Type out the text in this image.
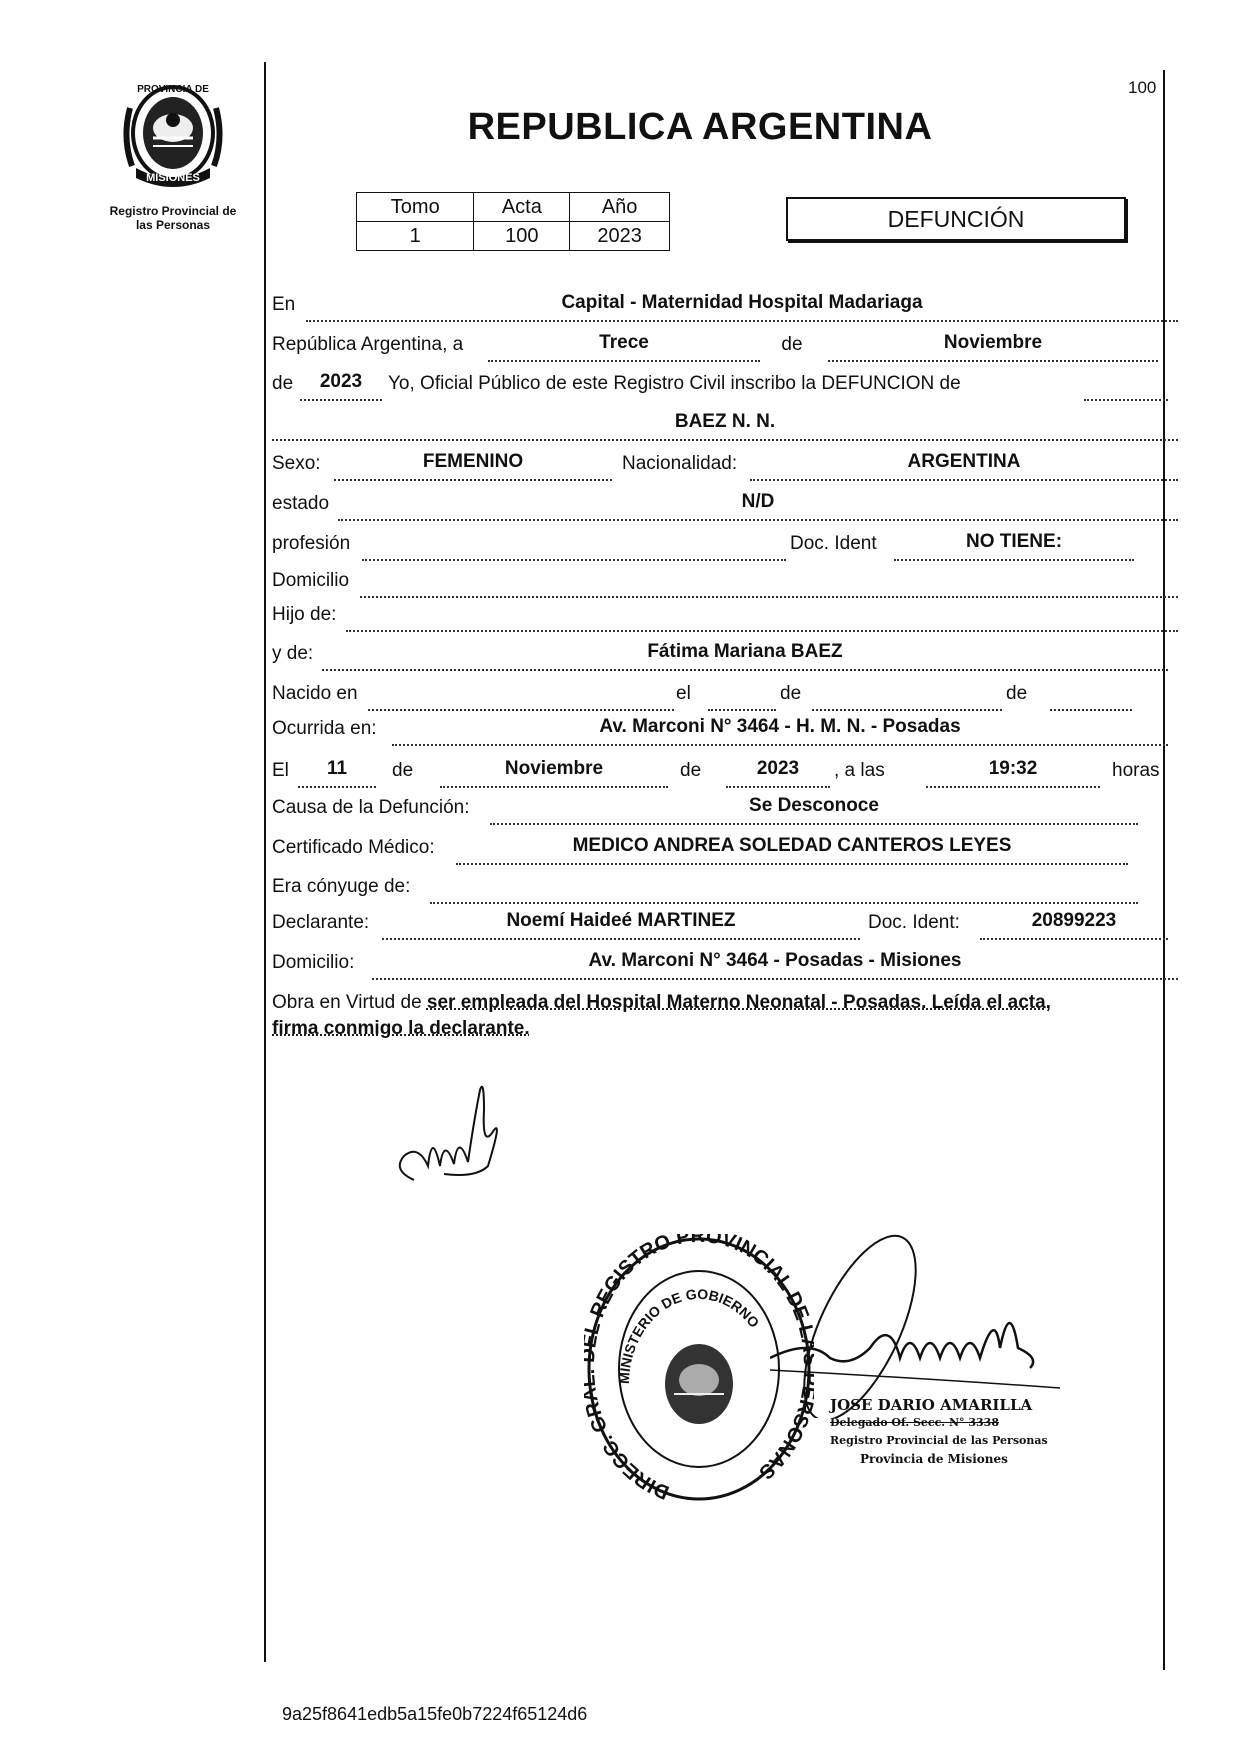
100
PROVINCIA DE
MISIONES
Registro Provincial de
las Personas
REPUBLICA ARGENTINA
Tomo	Acta	Año
1	100	2023
DEFUNCIÓN
En	Capital - Maternidad Hospital Madariaga
República Argentina, a	Trece	de	Noviembre
de	2023	Yo, Oficial Público de este Registro Civil inscribo la DEFUNCION de
BAEZ N. N.
Sexo:	FEMENINO	Nacionalidad:	ARGENTINA
estado	N/D
profesión	Doc. Ident	NO TIENE:
Domicilio
Hijo de:
y de:	Fátima Mariana BAEZ
Nacido en	el	de	de
Ocurrida en:	Av. Marconi N° 3464 - H. M. N. - Posadas
El	11	de	Noviembre	de	2023	, a las	19:32	horas
Causa de la Defunción:	Se Desconoce
Certificado Médico:	MEDICO ANDREA SOLEDAD CANTEROS LEYES
Era cónyuge de:
Declarante:	Noemí Haideé MARTINEZ	Doc. Ident:	20899223
Domicilio:	Av. Marconi N° 3464 - Posadas - Misiones
Obra en Virtud de ser empleada del Hospital Materno Neonatal - Posadas. Leída el acta,
firma conmigo la declarante.
DIRECC. G REGISTRO PROVINCIAL DE SONAS
MINISTERIO DE GOBIERNO
JOSE DARIO AMARILLA
Delegado Of. Secc. N° 3338
Registro Provincial de las Personas
Provincia de Misiones
9a25f8641edb5a15fe0b7224f65124d6
